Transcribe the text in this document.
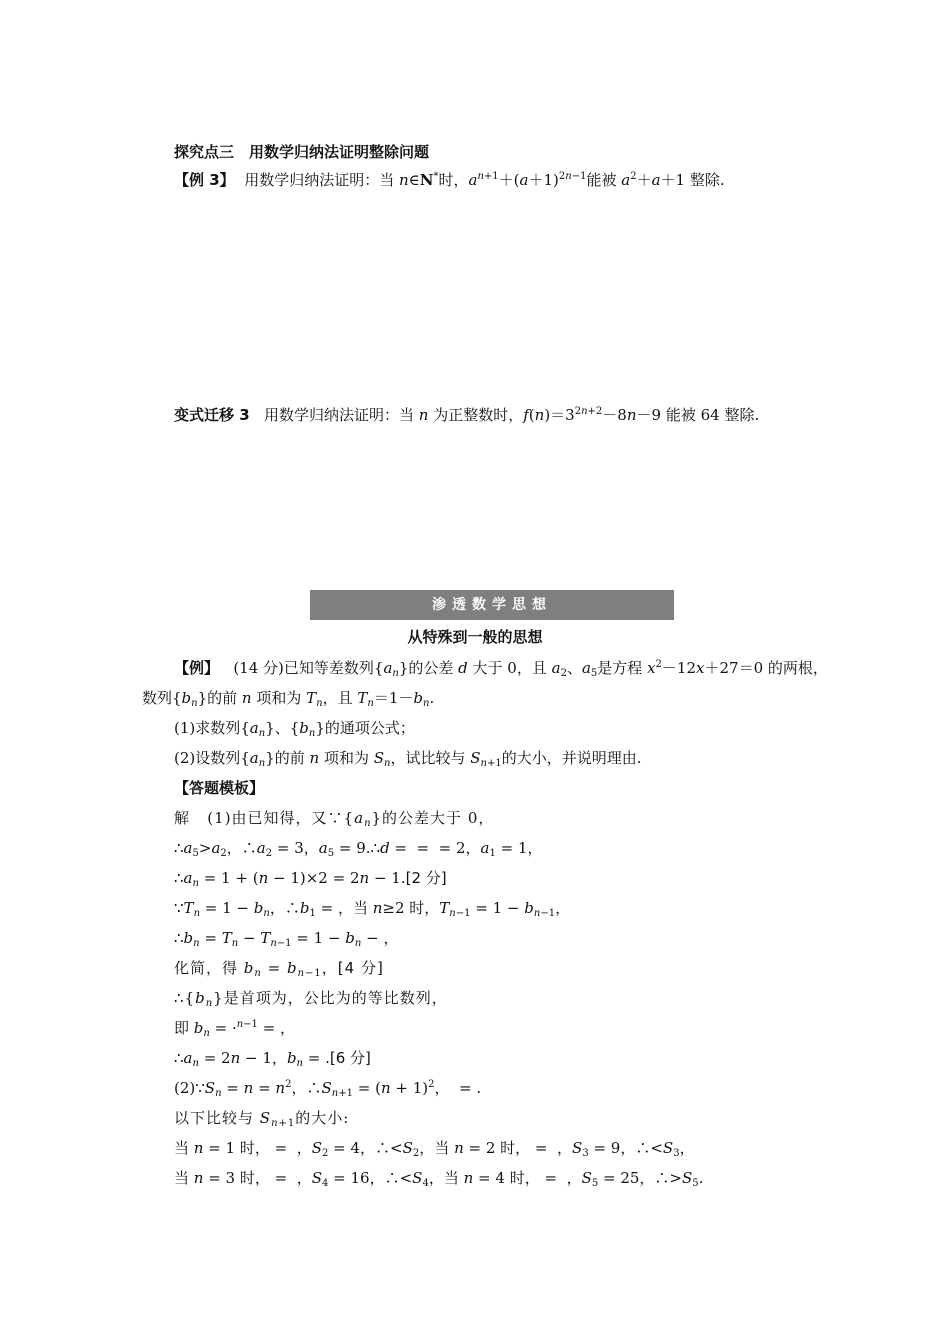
探究点三　用数学归纳法证明整除问题
【例 3】  用数学归纳法证明：当 n∈N*时，$a^{n+1}+(a+1)^{2n-1}$能被 $a^2+a+1$ 整除.
变式迁移 3   用数学归纳法证明：当 n 为正整数时，$f(n)=3^{2n+2}-8n-9$ 能被 64 整除.
渗透数学思想
从特殊到一般的思想
【例】   (14 分)已知等差数列$\{a_n\}$的公差 d 大于 0，且 $a_2$、$a_5$是方程 $x^2-12x+27=0$ 的两根，
数列$\{b_n\}$的前 n 项和为 $T_n$，且 $T_n=1-b_n$.
(1)求数列$\{a_n\}$、$\{b_n\}$的通项公式；
(2)设数列$\{a_n\}$的前 n 项和为 $S_n$，试比较与 $S_{n+1}$的大小，并说明理由.
【答题模板】
解   (1)由已知得，又$\because\{a_n\}$的公差大于 0，
$\therefore a_5>a_2$，$\therefore a_2 = 3$，$a_5$ = 9.∴d =  =  = 2，$a_1 = 1$，
$\therefore a_n = 1 + (n - 1)\times 2 = 2n - 1.[2$ 分]
$\because T_n = 1 - b_n$，$\therefore b_1$ = ，当 n≥2 时，$T_{n-1} = 1 - b_{n-1}$，
$\therefore b_n = T_n - T_{n-1} = 1 - b_n$ − ，
化简，得 $b_n = b_{n-1}$，[4 分]
$\therefore\{b_n\}$是首项为，公比为的等比数列，
即 $b_n = \cdot^{n-1}$ = ，
$\therefore a_n = 2n - 1$，$b_n = .[6$ 分]
$(2)\because S_n = n = n^2$，$\therefore S_{n+1} = (n + 1)^2$，  = .
以下比较与 $S_{n+1}$的大小:
当 n = 1 时， =  ，$S_2 = 4$，$\therefore<S_2$，当 n = 2 时， =  ，$S_3 = 9$，$\therefore<S_3$，
当 n = 3 时， =  ，$S_4 = 16$，$\therefore<S_4$，当 n = 4 时， =  ，$S_5 = 25$，$\therefore>S_5$.
